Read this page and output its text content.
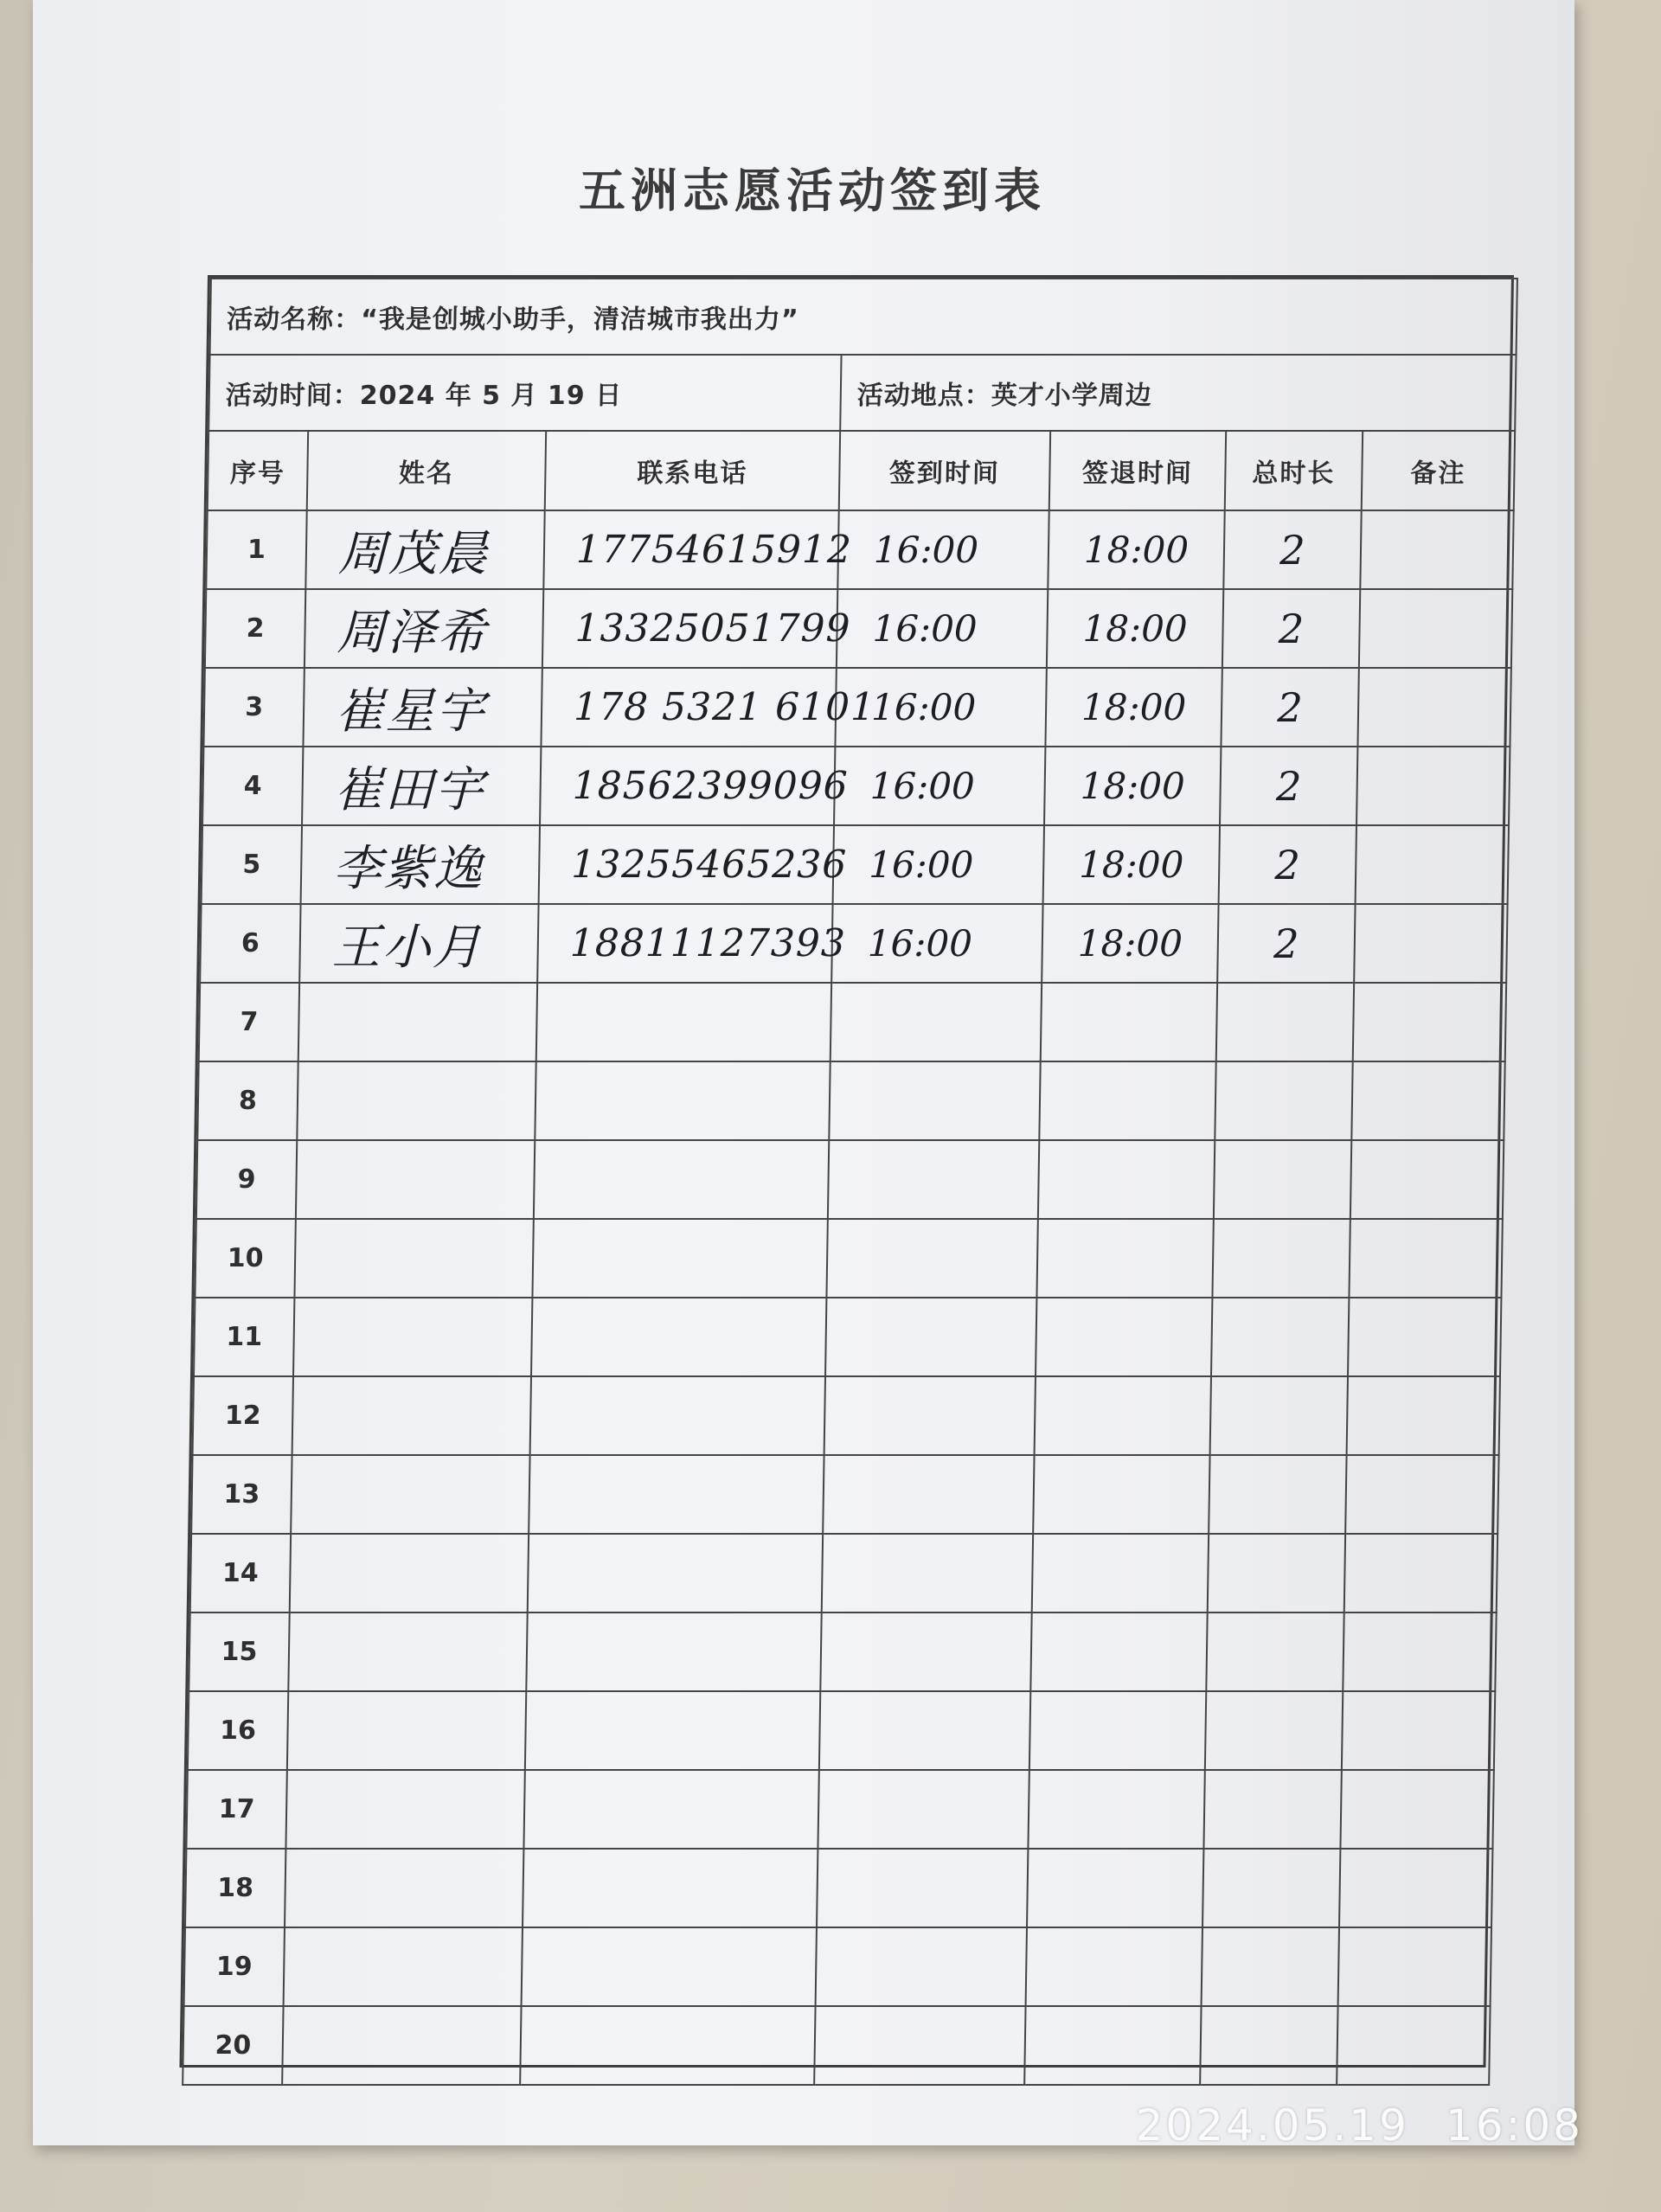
五洲志愿活动签到表
活动名称：“我是创城小助手，清洁城市我出力”						
活动时间：2024 年 5 月 19 日			活动地点：英才小学周边			
序号	姓名	联系电话	签到时间	签退时间	总时长	备注
1	周茂晨	17754615912	16:00	18:00	2	
2	周泽希	13325051799	16:00	18:00	2	
3	崔星宇	178 5321 6101	16:00	18:00	2	
4	崔田宇	18562399096	16:00	18:00	2	
5	李紫逸	13255465236	16:00	18:00	2	
6	王小月	18811127393	16:00	18:00	2	
7						
8						
9						
10						
11						
12						
13						
14						
15						
16						
17						
18						
19						
20						
2024.05.19 16:08
